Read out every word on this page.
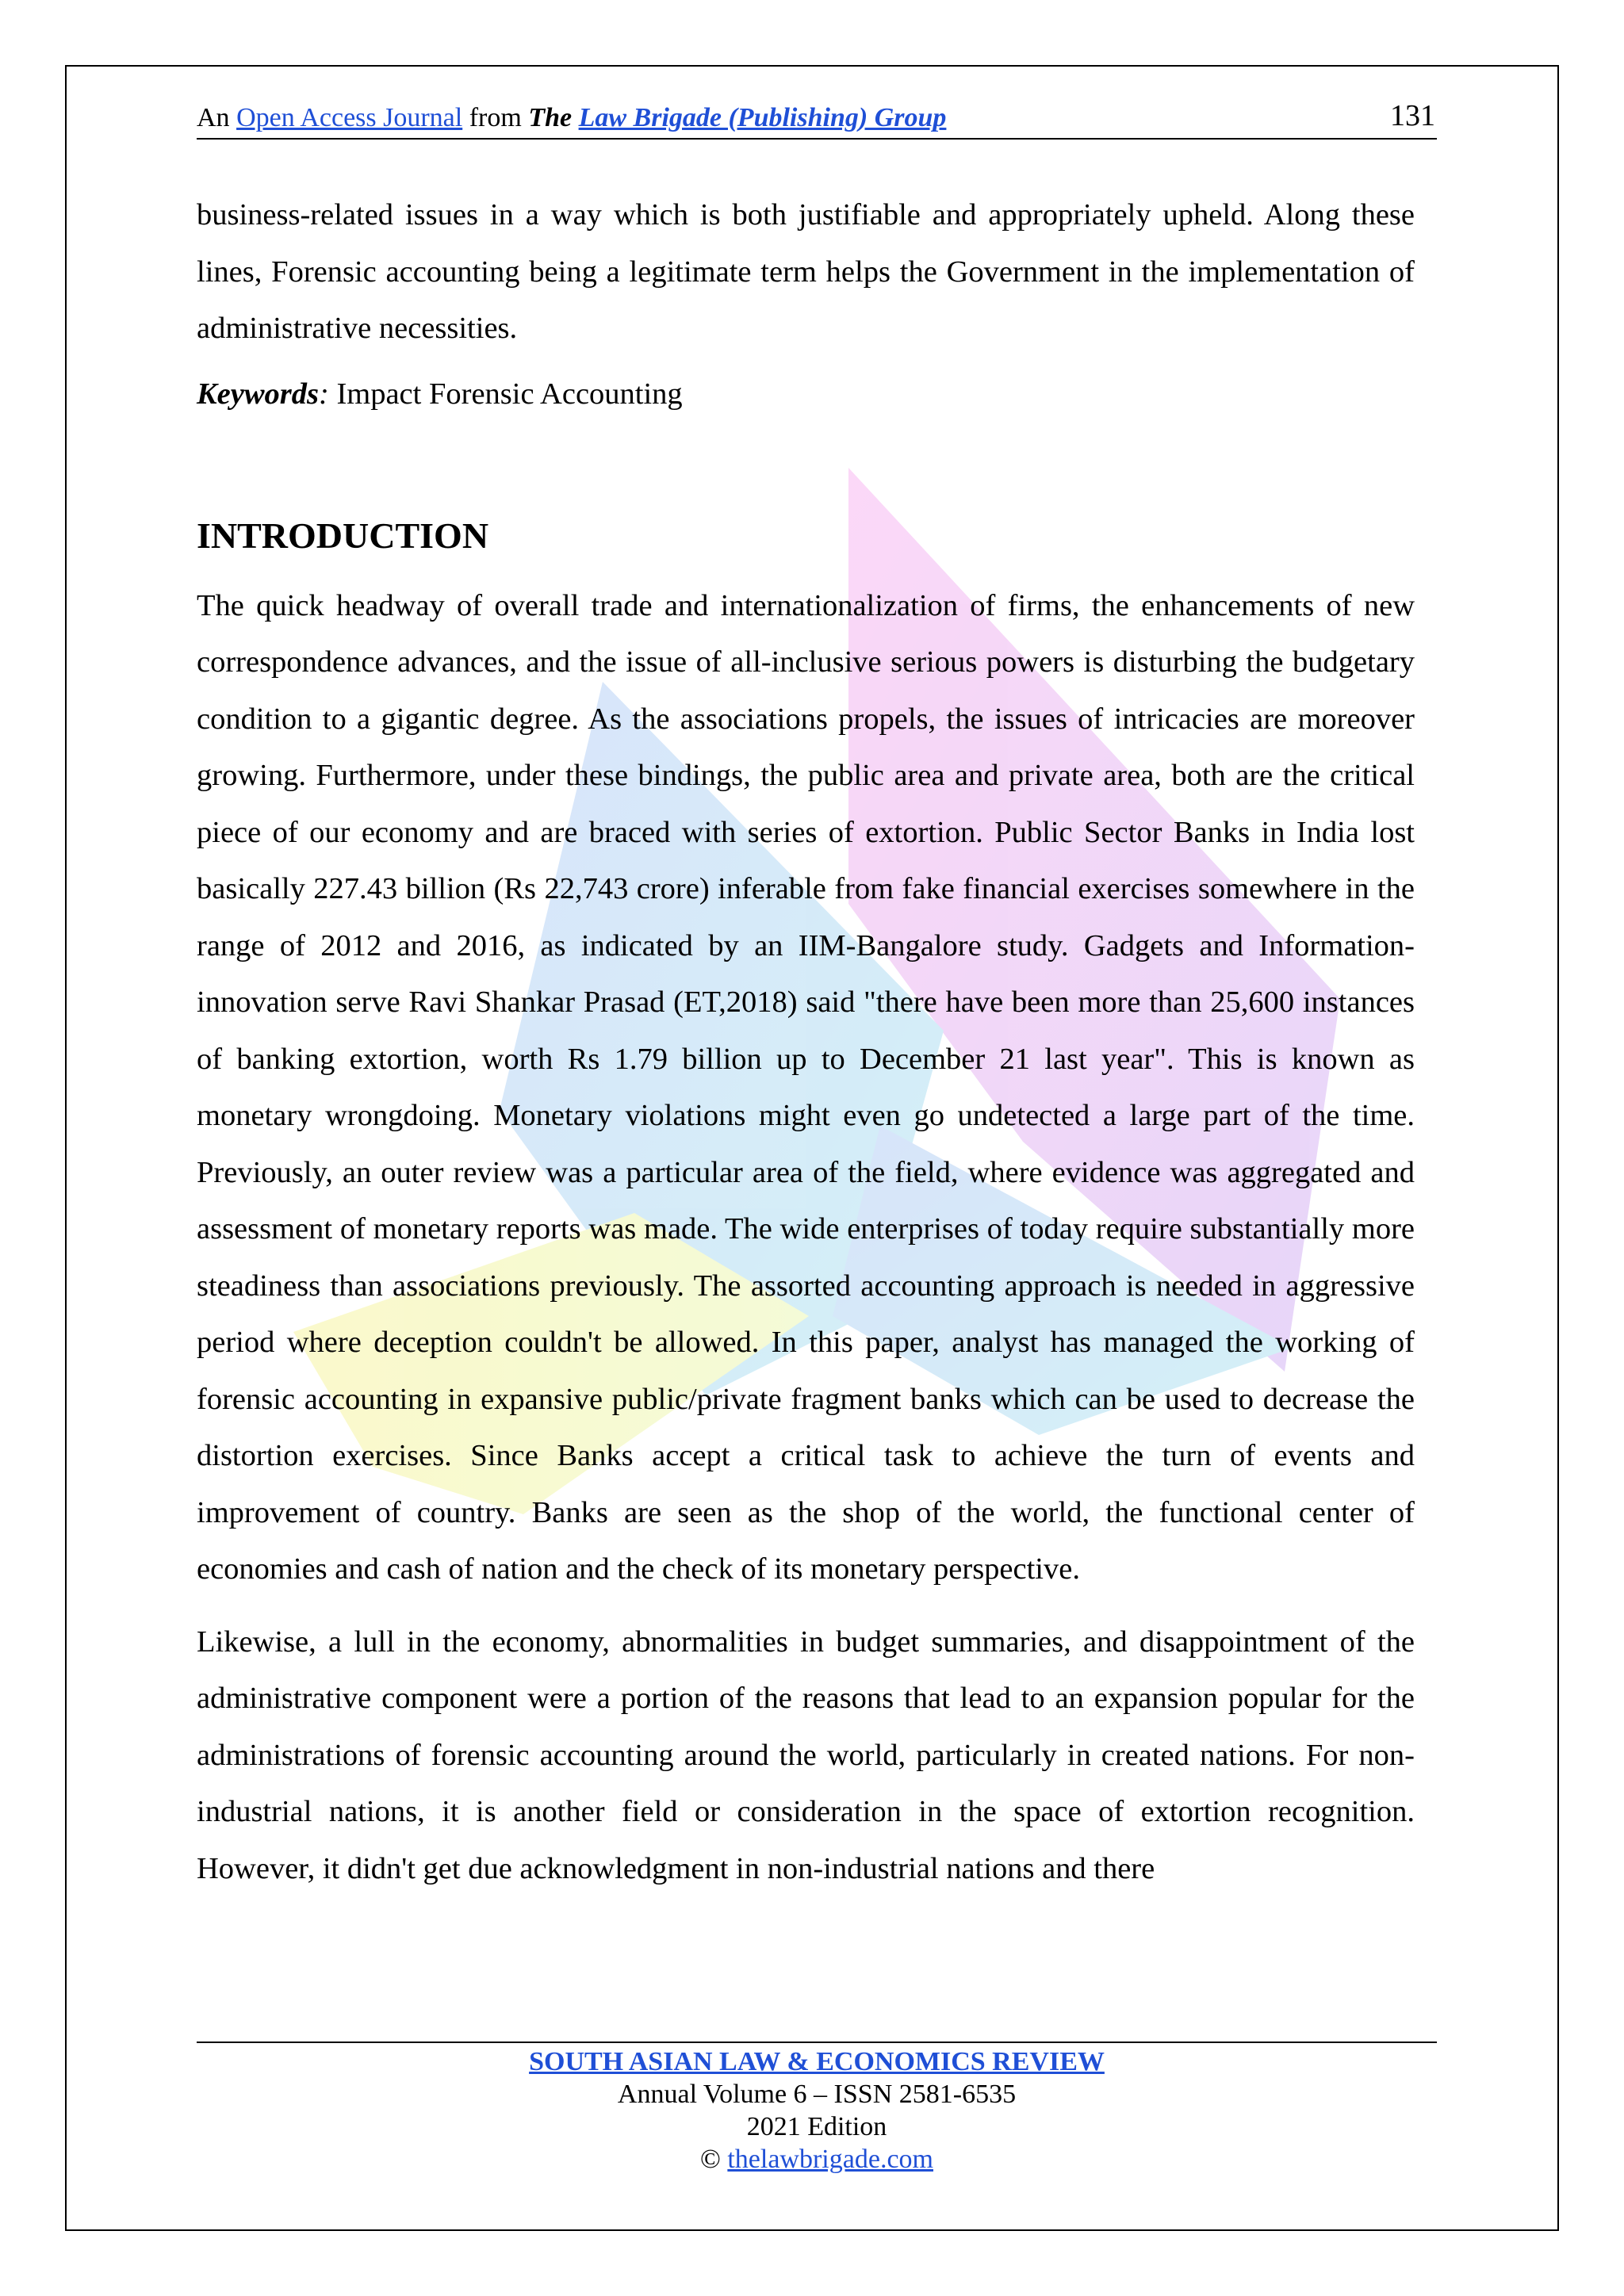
An Open Access Journal from The Law Brigade (Publishing) Group	131

business-related issues in a way which is both justifiable and appropriately upheld. Along these lines, Forensic accounting being a legitimate term helps the Government in the implementation of administrative necessities.

Keywords: Impact Forensic Accounting

INTRODUCTION

The quick headway of overall trade and internationalization of firms, the enhancements of new correspondence advances, and the issue of all-inclusive serious powers is disturbing the budgetary condition to a gigantic degree. As the associations propels, the issues of intricacies are moreover growing. Furthermore, under these bindings, the public area and private area, both are the critical piece of our economy and are braced with series of extortion. Public Sector Banks in India lost basically 227.43 billion (Rs 22,743 crore) inferable from fake financial exercises somewhere in the range of 2012 and 2016, as indicated by an IIM-Bangalore study. Gadgets and Information-innovation serve Ravi Shankar Prasad (ET,2018) said "there have been more than 25,600 instances of banking extortion, worth Rs 1.79 billion up to December 21 last year". This is known as monetary wrongdoing. Monetary violations might even go undetected a large part of the time. Previously, an outer review was a particular area of the field, where evidence was aggregated and assessment of monetary reports was made. The wide enterprises of today require substantially more steadiness than associations previously. The assorted accounting approach is needed in aggressive period where deception couldn't be allowed. In this paper, analyst has managed the working of forensic accounting in expansive public/private fragment banks which can be used to decrease the distortion exercises. Since Banks accept a critical task to achieve the turn of events and improvement of country. Banks are seen as the shop of the world, the functional center of economies and cash of nation and the check of its monetary perspective.

Likewise, a lull in the economy, abnormalities in budget summaries, and disappointment of the administrative component were a portion of the reasons that lead to an expansion popular for the administrations of forensic accounting around the world, particularly in created nations. For non-industrial nations, it is another field or consideration in the space of extortion recognition. However, it didn't get due acknowledgment in non-industrial nations and there

SOUTH ASIAN LAW & ECONOMICS REVIEW
Annual Volume 6 – ISSN 2581-6535
2021 Edition
© thelawbrigade.com
